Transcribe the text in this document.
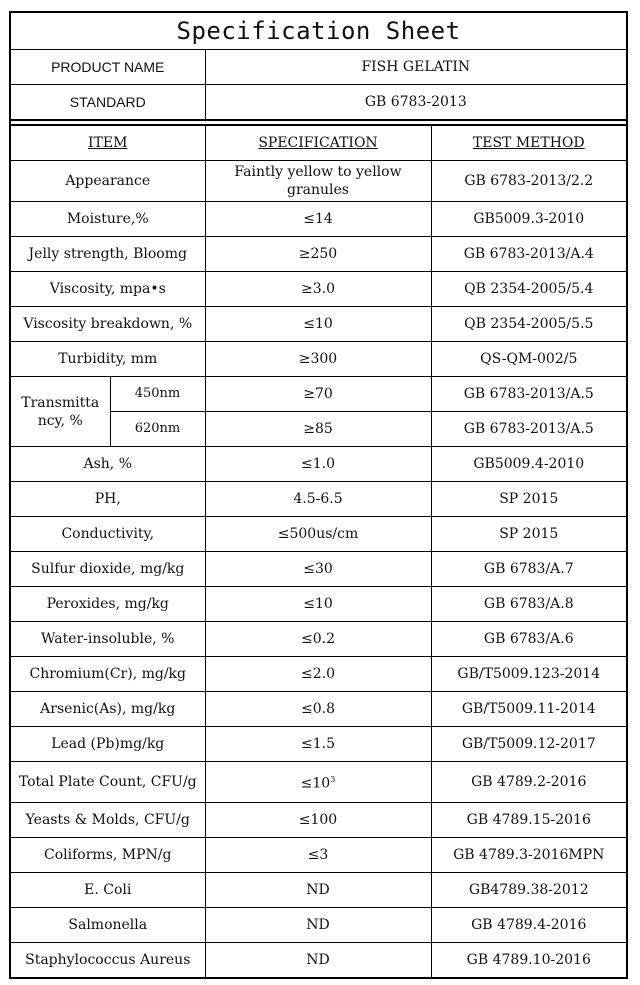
Specification Sheet			
PRODUCT NAME		FISH GELATIN	
STANDARD		GB 6783-2013	

ITEM		SPECIFICATION	TEST METHOD
Appearance		Faintly yellow to yellow granules	GB 6783-2013/2.2
Moisture,%		≤14	GB5009.3-2010
Jelly strength, Bloomg		≥250	GB 6783-2013/A.4
Viscosity, mpa•s		≥3.0	QB 2354-2005/5.4
Viscosity breakdown, %		≤10	QB 2354-2005/5.5
Turbidity, mm		≥300	QS-QM-002/5
Transmitta ncy, %	450nm	≥70	GB 6783-2013/A.5
	620nm	≥85	GB 6783-2013/A.5
Ash, %		≤1.0	GB5009.4-2010
PH,		4.5-6.5	SP 2015
Conductivity,		≤500us/cm	SP 2015
Sulfur dioxide, mg/kg		≤30	GB 6783/A.7
Peroxides, mg/kg		≤10	GB 6783/A.8
Water-insoluble, %		≤0.2	GB 6783/A.6
Chromium(Cr), mg/kg		≤2.0	GB/T5009.123-2014
Arsenic(As), mg/kg		≤0.8	GB/T5009.11-2014
Lead (Pb)mg/kg		≤1.5	GB/T5009.12-2017
Total Plate Count, CFU/g		$\le 10^3$	GB 4789.2-2016
Yeasts & Molds, CFU/g		≤100	GB 4789.15-2016
Coliforms, MPN/g		≤3	GB 4789.3-2016MPN
E. Coli		ND	GB4789.38-2012
Salmonella		ND	GB 4789.4-2016
Staphylococcus Aureus		ND	GB 4789.10-2016
